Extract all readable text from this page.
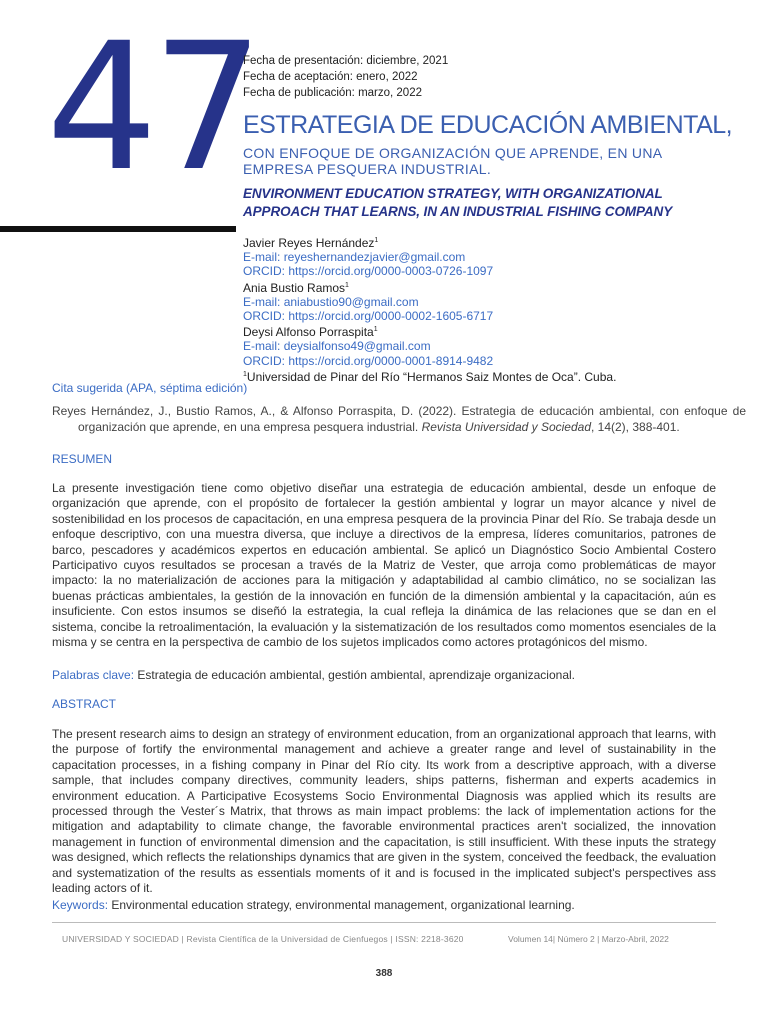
47
Fecha de presentación: diciembre, 2021
Fecha de aceptación: enero, 2022
Fecha de publicación: marzo, 2022
ESTRATEGIA DE EDUCACIÓN AMBIENTAL,
CON ENFOQUE DE ORGANIZACIÓN QUE APRENDE, EN UNA EMPRESA PESQUERA INDUSTRIAL.
ENVIRONMENT EDUCATION STRATEGY, WITH ORGANIZATIONAL APPROACH THAT LEARNS, IN AN INDUSTRIAL FISHING COMPANY
Javier Reyes Hernández$^1$
E-mail: reyeshernandezjavier@gmail.com
ORCID: https://orcid.org/0000-0003-0726-1097
Ania Bustio Ramos$^1$
E-mail: aniabustio90@gmail.com
ORCID: https://orcid.org/0000-0002-1605-6717
Deysi Alfonso Porraspita$^1$
E-mail: deysialfonso49@gmail.com
ORCID: https://orcid.org/0000-0001-8914-9482
$^1$Universidad de Pinar del Río “Hermanos Saiz Montes de Oca”. Cuba.
Cita sugerida (APA, séptima edición)
Reyes Hernández, J., Bustio Ramos, A., & Alfonso Porraspita, D. (2022). Estrategia de educación ambiental, con enfoque de organización que aprende, en una empresa pesquera industrial. Revista Universidad y Sociedad, 14(2), 388-401.
RESUMEN
La presente investigación tiene como objetivo diseñar una estrategia de educación ambiental, desde un enfoque de organización que aprende, con el propósito de fortalecer la gestión ambiental y lograr un mayor alcance y nivel de sostenibilidad en los procesos de capacitación, en una empresa pesquera de la provincia Pinar del Río. Se trabaja desde un enfoque descriptivo, con una muestra diversa, que incluye a directivos de la empresa, líderes comunitarios, patrones de barco, pescadores y académicos expertos en educación ambiental. Se aplicó un Diagnóstico Socio Ambiental Costero Participativo cuyos resultados se procesan a través de la Matriz de Vester, que arroja como problemáticas de mayor impacto: la no materialización de acciones para la mitigación y adaptabilidad al cambio climático, no se socializan las buenas prácticas ambientales, la gestión de la innovación en función de la dimensión ambiental y la capacitación, aún es insuficiente. Con estos insumos se diseñó la estrategia, la cual refleja la dinámica de las relaciones que se dan en el sistema, concibe la retroalimentación, la evaluación y la sistematización de los resultados como momentos esenciales de la misma y se centra en la perspectiva de cambio de los sujetos implicados como actores protagónicos del mismo.
Palabras clave: Estrategia de educación ambiental, gestión ambiental, aprendizaje organizacional.
ABSTRACT
The present research aims to design an strategy of environment education, from an organizational approach that learns, with the purpose of fortify the environmental management and achieve a greater range and level of sustainability in the capacitation processes, in a fishing company in Pinar del Río city. Its work from a descriptive approach, with a diverse sample, that includes company directives, community leaders, ships patterns, fisherman and experts academics in environment education. A Participative Ecosystems Socio Environmental Diagnosis was applied which its results are processed through the Vester´s Matrix, that throws as main impact problems: the lack of implementation actions for the mitigation and adaptability to climate change, the favorable environmental practices aren't socialized, the innovation management in function of environmental dimension and the capacitation, is still insufficient. With these inputs the strategy was designed, which reflects the relationships dynamics that are given in the system, conceived the feedback, the evaluation and systematization of the results as essentials moments of it and is focused in the implicated subject's perspectives ass leading actors of it.
Keywords: Environmental education strategy, environmental management, organizational learning.
UNIVERSIDAD Y SOCIEDAD | Revista Científica de la Universidad de Cienfuegos | ISSN: 2218-3620	Volumen 14| Número 2 | Marzo-Abril, 2022
388
